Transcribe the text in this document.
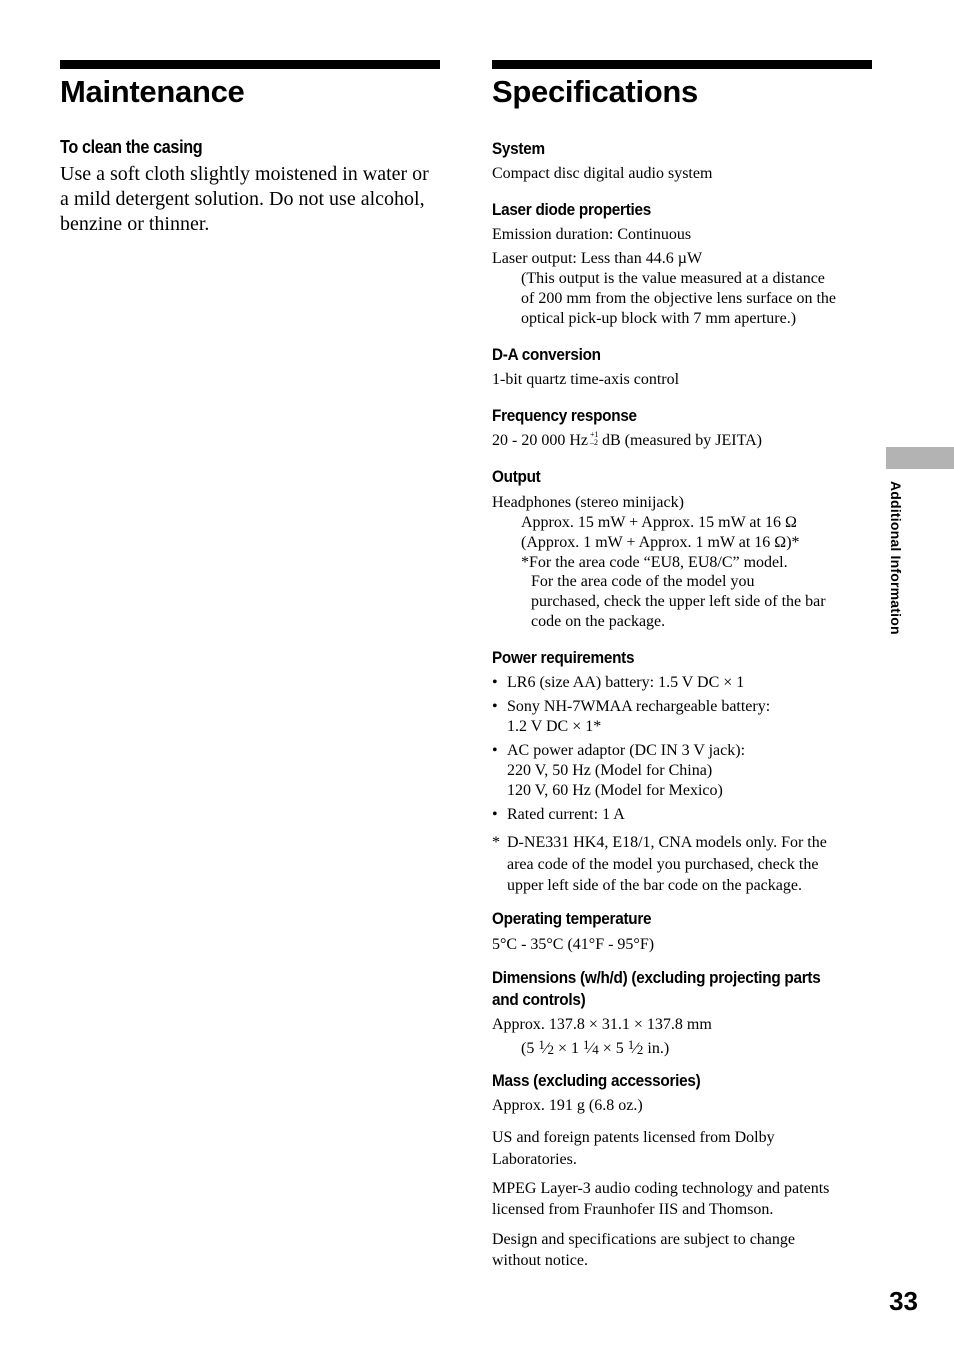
Maintenance
To clean the casing

Use a soft cloth slightly moistened in water or

a mild detergent solution. Do not use alcohol,

benzine or thinner.

Specifications
System

Compact disc digital audio system

Laser diode properties

Emission duration: Continuous

Laser output: Less than 44.6 µW

(This output is the value measured at a distance

of 200 mm from the objective lens surface on the

optical pick-up block with 7 mm aperture.)

D-A conversion

1-bit quartz time-axis control

Frequency response

20 - 20 000 Hz +1
–2 dB (measured by JEITA)

Output

Headphones (stereo minijack)

Approx. 15 mW + Approx. 15 mW at 16 Ω

(Approx. 1 mW + Approx. 1 mW at 16 Ω)*

*For the area code “EU8, EU8/C” model.

For the area code of the model you

purchased, check the upper left side of the bar

code on the package.

Power requirements
• LR6 (size AA) battery: 1.5 V DC × 1

• Sony NH-7WMAA rechargeable battery:

1.2 V DC × 1*

• AC power adaptor (DC IN 3 V jack):

220 V, 50 Hz (Model for China)

120 V, 60 Hz (Model for Mexico)

• Rated current: 1 A

* D-NE331 HK4, E18/1, CNA models only. For the

area code of the model you purchased, check the

upper left side of the bar code on the package.

Operating temperature

5°C - 35°C (41°F - 95°F)

Dimensions (w/h/d) (excluding projecting parts
and controls)

Approx. 137.8 × 31.1 × 137.8 mm

(5 $^1⁄_2 \times 1$ $^1⁄_4 \times 5$ $^1⁄_2$ in.)

Mass (excluding accessories)

Approx. 191 g (6.8 oz.)

US and foreign patents licensed from Dolby

Laboratories.

MPEG Layer-3 audio coding technology and patents

licensed from Fraunhofer IIS and Thomson.

Design and specifications are subject to change

without notice.

Additional Information
33
